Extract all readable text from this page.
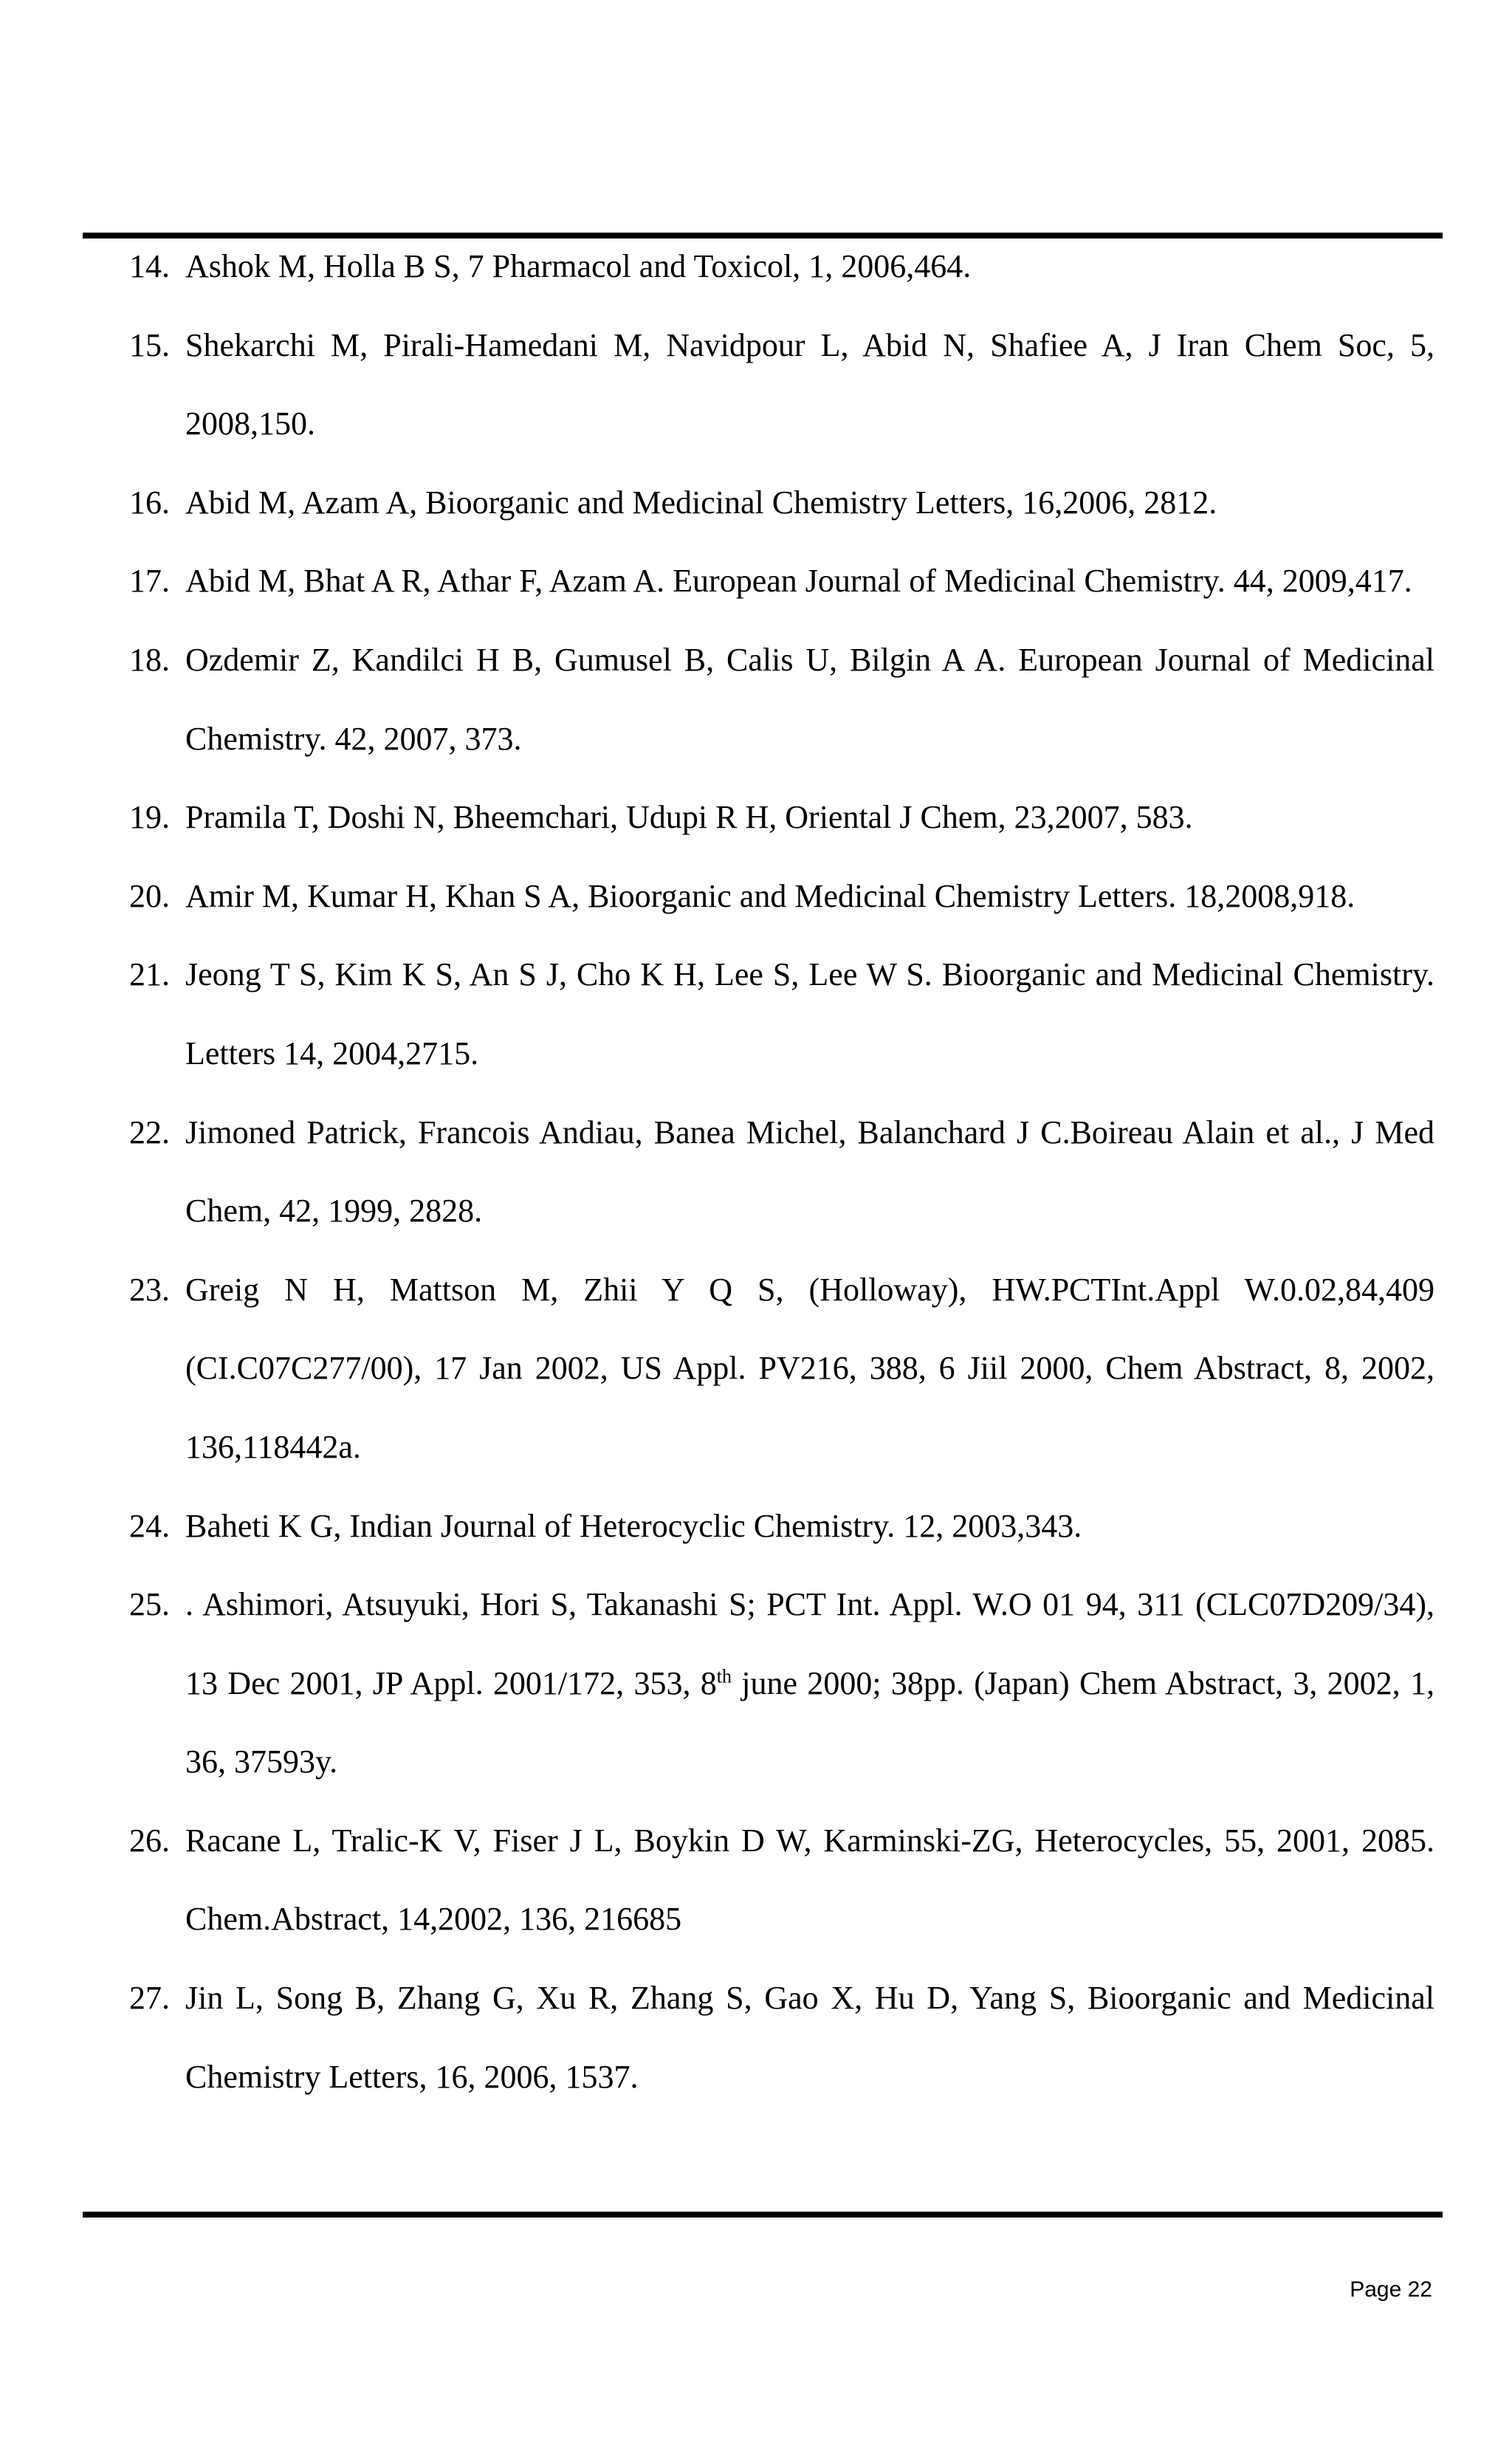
14. Ashok M, Holla B S, 7 Pharmacol and Toxicol, 1, 2006,464.
15. Shekarchi M, Pirali-Hamedani M, Navidpour L, Abid N, Shafiee A, J Iran Chem Soc, 5, 2008,150.
16. Abid M, Azam A, Bioorganic and Medicinal Chemistry Letters, 16,2006, 2812.
17. Abid M, Bhat A R, Athar F, Azam A. European Journal of Medicinal Chemistry. 44, 2009,417.
18. Ozdemir Z, Kandilci H B, Gumusel B, Calis U, Bilgin A A. European Journal of Medicinal Chemistry. 42, 2007, 373.
19. Pramila T, Doshi N, Bheemchari, Udupi R H, Oriental J Chem, 23,2007, 583.
20. Amir M, Kumar H, Khan S A, Bioorganic and Medicinal Chemistry Letters. 18,2008,918.
21. Jeong T S, Kim K S, An S J, Cho K H, Lee S, Lee W S. Bioorganic and Medicinal Chemistry. Letters 14, 2004,2715.
22. Jimoned Patrick, Francois Andiau, Banea Michel, Balanchard J C.Boireau Alain et al., J Med Chem, 42, 1999, 2828.
23. Greig N H, Mattson M, Zhii Y Q S, (Holloway), HW.PCTInt.Appl W.0.02,84,409 (CI.C07C277/00), 17 Jan 2002, US Appl. PV216, 388, 6 Jiil 2000, Chem Abstract, 8, 2002, 136,118442a.
24. Baheti K G, Indian Journal of Heterocyclic Chemistry. 12, 2003,343.
25. . Ashimori, Atsuyuki, Hori S, Takanashi S; PCT Int. Appl. W.O 01 94, 311 (CLC07D209/34), 13 Dec 2001, JP Appl. 2001/172, 353, 8th june 2000; 38pp. (Japan) Chem Abstract, 3, 2002, 1, 36, 37593y.
26. Racane L, Tralic-K V, Fiser J L, Boykin D W, Karminski-ZG, Heterocycles, 55, 2001, 2085. Chem.Abstract, 14,2002, 136, 216685
27. Jin L, Song B, Zhang G, Xu R, Zhang S, Gao X, Hu D, Yang S, Bioorganic and Medicinal Chemistry Letters, 16, 2006, 1537.
Page 22
